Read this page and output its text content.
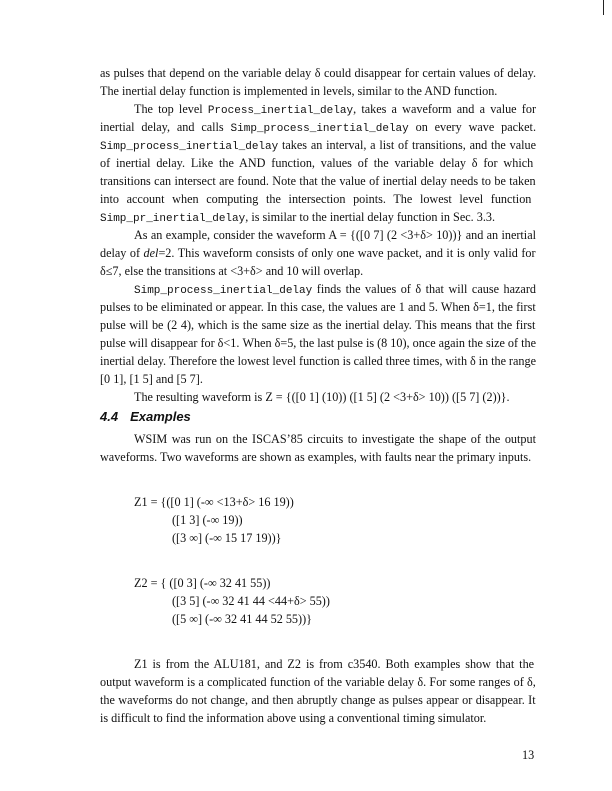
as pulses that depend on the variable delay δ could disappear for certain values of delay.
The inertial delay function is implemented in levels, similar to the AND function.
The top level Process_inertial_delay, takes a waveform and a value for
inertial delay, and calls Simp_process_inertial_delay on every wave packet.
Simp_process_inertial_delay takes an interval, a list of transitions, and the value
of inertial delay. Like the AND function, values of the variable delay δ for which
transitions can intersect are found. Note that the value of inertial delay needs to be taken
into account when computing the intersection points. The lowest level function
Simp_pr_inertial_delay, is similar to the inertial delay function in Sec. 3.3.
As an example, consider the waveform A = {([0 7] (2 <3+δ> 10))} and an inertial
delay of del=2. This waveform consists of only one wave packet, and it is only valid for
δ≤7, else the transitions at <3+δ> and 10 will overlap.
Simp_process_inertial_delay finds the values of δ that will cause hazard
pulses to be eliminated or appear. In this case, the values are 1 and 5. When δ=1, the first
pulse will be (2 4), which is the same size as the inertial delay. This means that the first
pulse will disappear for δ<1. When δ=5, the last pulse is (8 10), once again the size of the
inertial delay. Therefore the lowest level function is called three times, with δ in the range
[0 1], [1 5] and [5 7].
The resulting waveform is Z = {([0 1] (10)) ([1 5] (2 <3+δ> 10)) ([5 7] (2))}.
WSIM was run on the ISCAS’85 circuits to investigate the shape of the output
waveforms. Two waveforms are shown as examples, with faults near the primary inputs.
Z1 is from the ALU181, and Z2 is from c3540. Both examples show that the
output waveform is a complicated function of the variable delay δ. For some ranges of δ,
the waveforms do not change, and then abruptly change as pulses appear or disappear. It
is difficult to find the information above using a conventional timing simulator.
4.4 Examples
Z1 = {([0 1] (-∞ <13+δ> 16 19))
([1 3] (-∞ 19))
([3 ∞] (-∞ 15 17 19))}
Z2 = { ([0 3] (-∞ 32 41 55))
([3 5] (-∞ 32 41 44 <44+δ> 55))
([5 ∞] (-∞ 32 41 44 52 55))}
13
